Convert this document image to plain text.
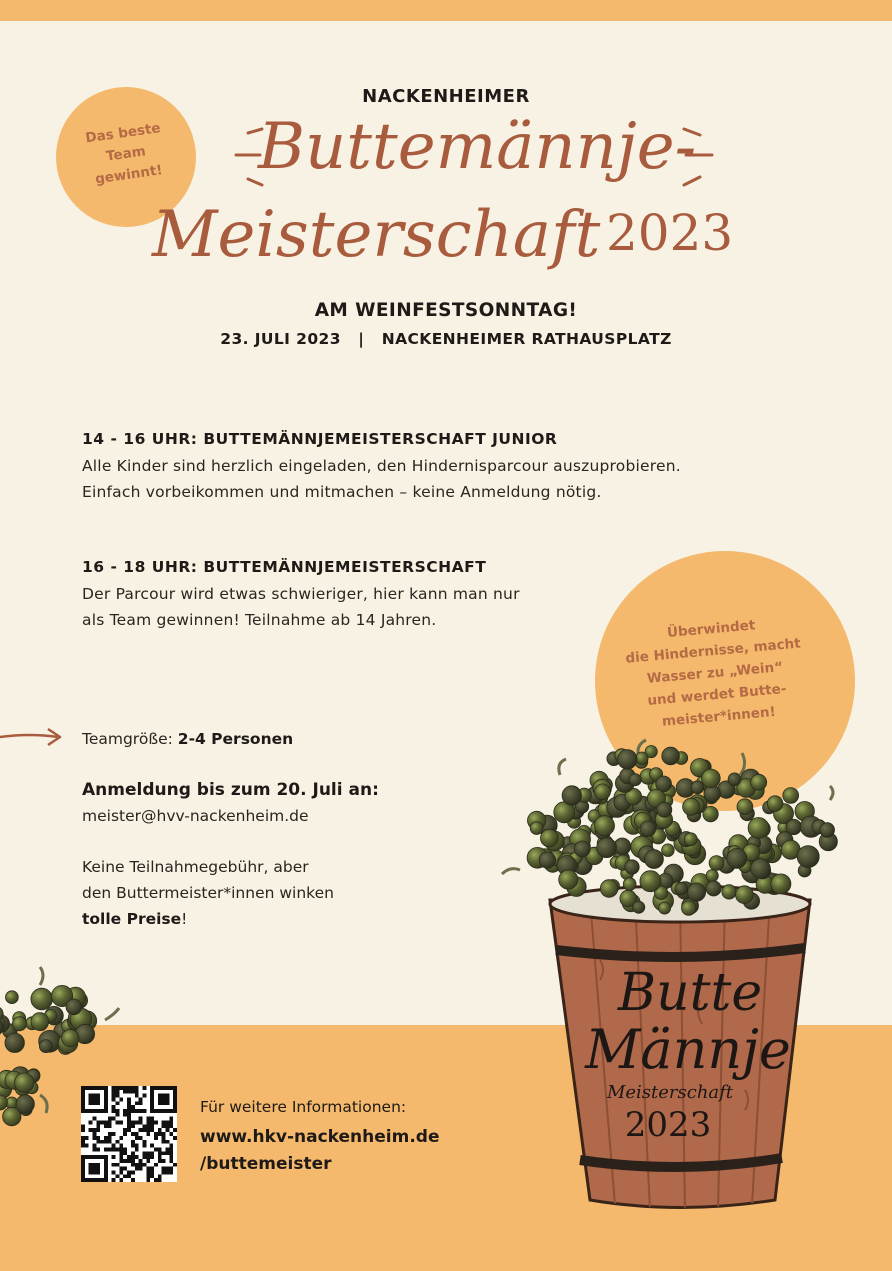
Das beste
Team
gewinnt!
NACKENHEIMER
Buttemännje-
Meisterschaft 2023
AM WEINFESTSONNTAG!
23. JULI 2023 | NACKENHEIMER RATHAUSPLATZ
14 - 16 UHR: BUTTEMÄNNJEMEISTERSCHAFT JUNIOR
Alle Kinder sind herzlich eingeladen, den Hindernisparcour auszuprobieren.
Einfach vorbeikommen und mitmachen – keine Anmeldung nötig.
16 - 18 UHR: BUTTEMÄNNJEMEISTERSCHAFT
Der Parcour wird etwas schwieriger, hier kann man nur
als Team gewinnen! Teilnahme ab 14 Jahren.
Butte
Männje
Meisterschaft
2023
Überwindet
die Hindernisse, macht
Wasser zu „Wein“
und werdet Butte-
meister*innen!
Teamgröße: 2-4 Personen
Anmeldung bis zum 20. Juli an:
meister@hvv-nackenheim.de
Keine Teilnahmegebühr, aber
den Buttermeister*innen winken
tolle Preise!
Für weitere Informationen:
www.hkv-nackenheim.de
/buttemeister
